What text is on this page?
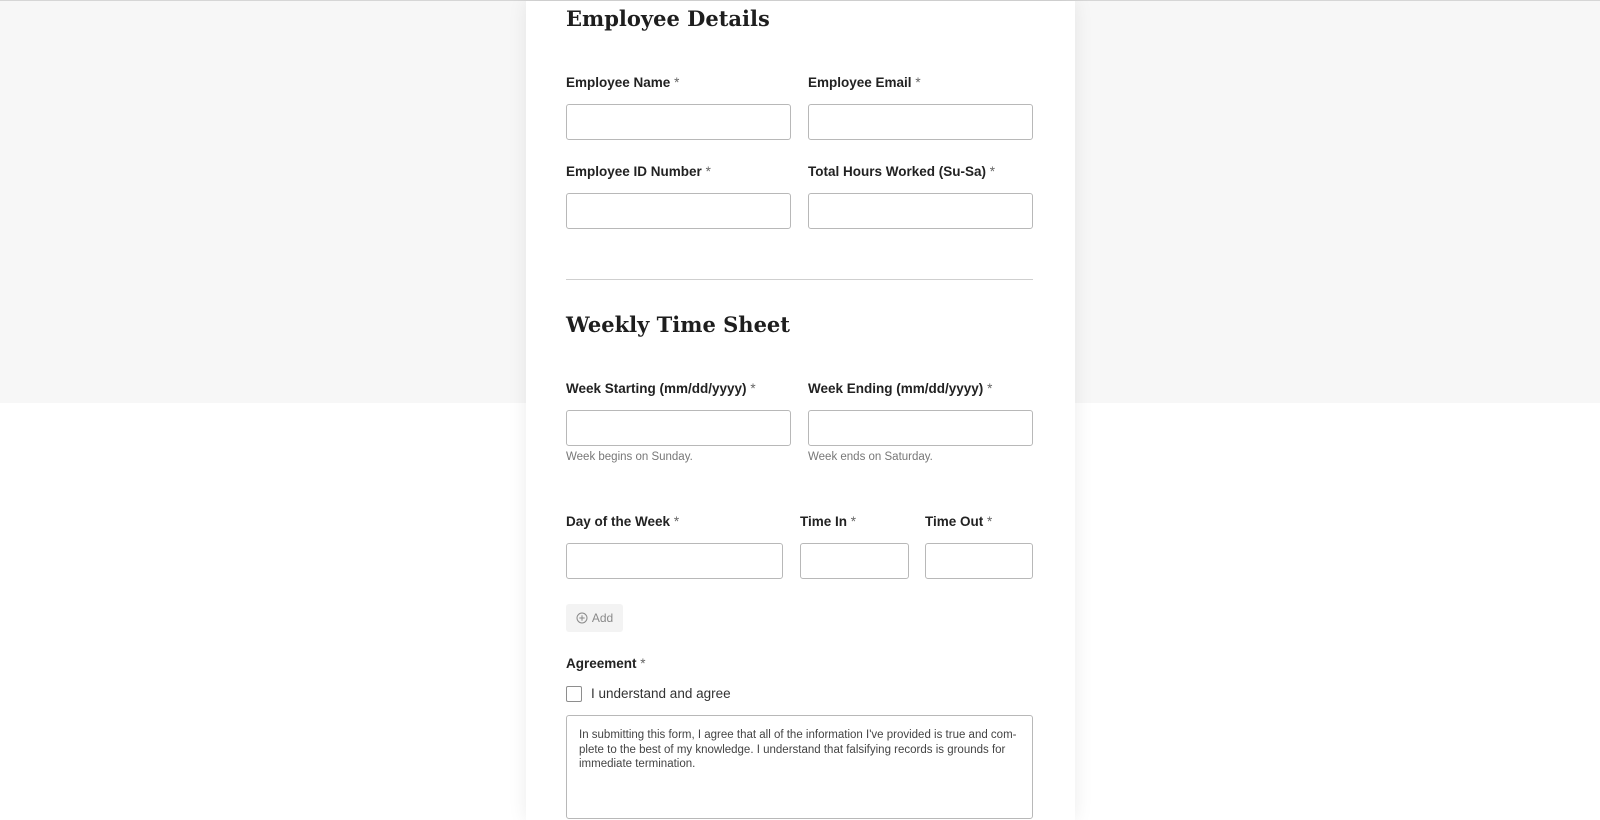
Employee Details
Employee Name *	Employee Email *
Employee ID Number *	Total Hours Worked (Su-Sa) *
Weekly Time Sheet
Week Starting (mm/dd/yyyy) *
Week begins on Sunday.
Week Ending (mm/dd/yyyy) *
Week ends on Saturday.
Day of the Week *	Time In *	Time Out *
Add
Agreement *
I understand and agree
In submitting this form, I agree that all of the information I've provided is true and com-plete to the best of my knowledge. I understand that falsifying records is grounds for immediate termination.
